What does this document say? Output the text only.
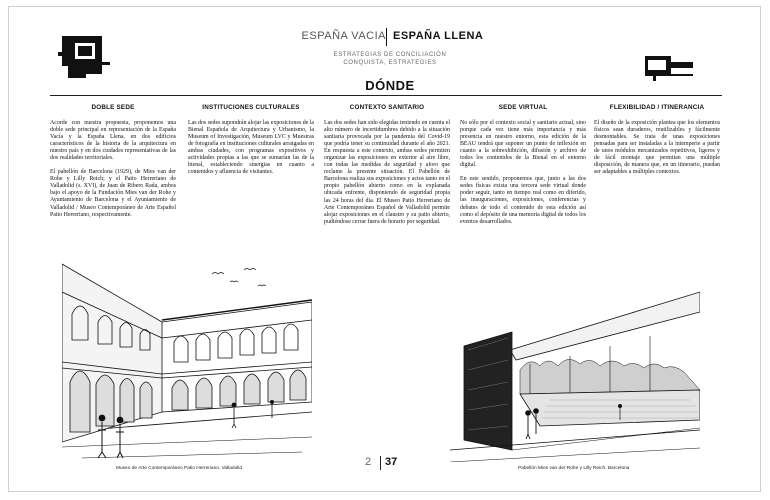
ESPAÑA VACIA ESPAÑA LLENA
ESTRATEGIAS DE CONCILIACIÓN
CONQUISTA, ESTRATEGIES
DÓNDE
DOBLE SEDE

Acorde con nuestra propuesta, proponemos una doble sede principal en representación de la España Vacía y la España Llena, en dos edificios característicos de la historia de la arquitectura en nuestro país y en dos ciudades representativas de las dos realidades territoriales.

El pabellón de Barcelona (1929), de Mies van der Rohe y Lilly Reich; y el Patio Herreriano de Valladolid (s. XVI), de Juan de Ribero Rada, ambos bajo el apoyo de la Fundación Mies van der Rohe y Ayuntamiento de Barcelona y el Ayuntamiento de Valladolid / Museo Contemporáneo de Arte Español Patio Herreriano, respectivamente.

INSTITUCIONES CULTURALES

Las dos sedes supondrán alojar las exposiciones de la Bienal Española de Arquitectura y Urbanismo, la Museum of Investigación, Museum LVC y Muestras de fotografía en instituciones culturales arraigadas en ambas ciudades, con programas expositivos y actividades propias a las que se sumarían las de la bienal, estableciendo sinergias en cuanto a contenidos y afluencia de visitantes.

CONTEXTO SANITARIO

Las dos sedes han sido elegidas teniendo en cuenta el alto número de incertidumbres debido a la situación sanitaria provocada por la pandemia del Covid-19 que podría tener su continuidad durante el año 2021. En respuesta a este contexto, ambas sedes permiten organizar las exposiciones en exterior al aire libre, con todas las medidas de seguridad y aforo que reclame la presente situación. El Pabellón de Barcelona realiza sus exposiciones y actos tanto en el propio pabellón abierto como en la explanada ubicada enfrente, disponiendo de seguridad propia las 24 horas del día. El Museo Patio Herreriano de Arte Contemporáneo Español de Valladolid permite alojar exposiciones en el claustro y su patio abierto, pudiéndose cerrar fuera de horario por seguridad.

SEDE VIRTUAL

No sólo por el contexto social y sanitario actual, sino porque cada vez tiene más importancia y más presencia en nuestro entorno, esta edición de la BEAU tendrá que suponer un punto de inflexión en cuanto a la sobrexhibición, difusión y archivo de todos los contenidos de la Bienal en el entorno digital.

En este sentido, proponemos que, junto a las dos sedes físicas exista una tercera sede virtual donde poder seguir, tanto en tiempo real como en diferido, las inauguraciones, exposiciones, conferencias y debates de todo el contenido de esta edición así como el depósito de una memoria digital de todos los eventos desarrollados.

FLEXIBILIDAD / ITINERANCIA

El diseño de la exposición plantea que los elementos físicos sean duraderos, reutilizables y fácilmente desmontables. Se trata de unas exposiciones pensadas para ser instaladas a la intemperie a partir de unos módulos mecanizados repetitivos, ligeros y de fácil montaje que permitan una múltiple disposición, de manera que, en un itinerario, puedan ser adaptables a múltiples contextos.

Museo de Arte Contemporáneo Patio Herreriano. Valladolid
2 37
Pabellón Mies van der Rohe y Lilly Reich. Barcelona
